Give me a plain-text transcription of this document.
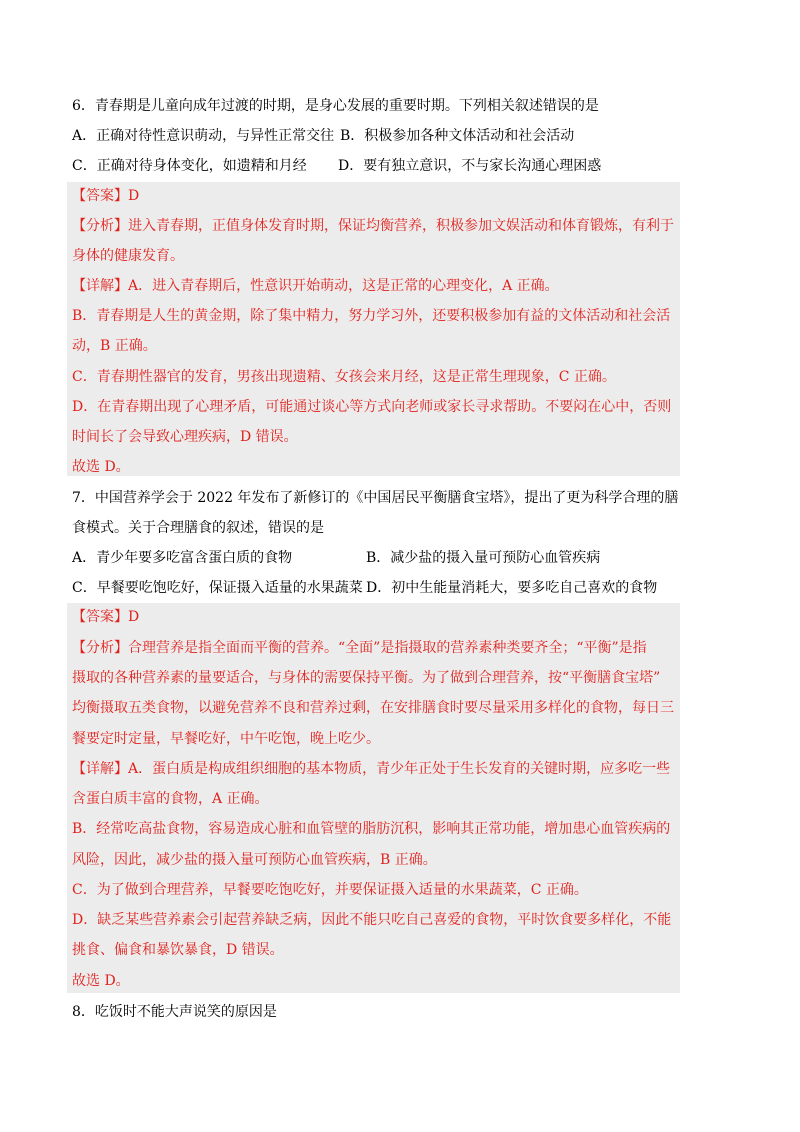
6．青春期是儿童向成年过渡的时期，是身心发展的重要时期。下列相关叙述错误的是
A．正确对待性意识萌动，与异性正常交往 B．积极参加各种文体活动和社会活动
C．正确对待身体变化，如遗精和月经 D．要有独立意识，不与家长沟通心理困惑
【答案】D
【分析】进入青春期，正值身体发育时期，保证均衡营养，积极参加文娱活动和体育锻炼，有利于
身体的健康发育。
【详解】A．进入青春期后，性意识开始萌动，这是正常的心理变化，A 正确。
B．青春期是人生的黄金期，除了集中精力，努力学习外，还要积极参加有益的文体活动和社会活
动，B 正确。
C．青春期性器官的发育，男孩出现遗精、女孩会来月经，这是正常生理现象，C 正确。
D．在青春期出现了心理矛盾，可能通过谈心等方式向老师或家长寻求帮助。不要闷在心中，否则
时间长了会导致心理疾病，D 错误。
故选 D。
7．中国营养学会于 2022 年发布了新修订的《中国居民平衡膳食宝塔》，提出了更为科学合理的膳
食模式。关于合理膳食的叙述，错误的是
A．青少年要多吃富含蛋白质的食物	B．减少盐的摄入量可预防心血管疾病
C．早餐要吃饱吃好，保证摄入适量的水果蔬菜 D．初中生能量消耗大，要多吃自己喜欢的食物
【答案】D
【分析】合理营养是指全面而平衡的营养。“全面”是指摄取的营养素种类要齐全；“平衡”是指
摄取的各种营养素的量要适合，与身体的需要保持平衡。为了做到合理营养，按“平衡膳食宝塔”
均衡摄取五类食物，以避免营养不良和营养过剩，在安排膳食时要尽量采用多样化的食物，每日三
餐要定时定量，早餐吃好，中午吃饱，晚上吃少。
【详解】A．蛋白质是构成组织细胞的基本物质，青少年正处于生长发育的关键时期，应多吃一些
含蛋白质丰富的食物，A 正确。
B．经常吃高盐食物，容易造成心脏和血管壁的脂肪沉积，影响其正常功能，增加患心血管疾病的
风险，因此，减少盐的摄入量可预防心血管疾病，B 正确。
C．为了做到合理营养，早餐要吃饱吃好，并要保证摄入适量的水果蔬菜，C 正确。
D．缺乏某些营养素会引起营养缺乏病，因此不能只吃自己喜爱的食物，平时饮食要多样化，不能
挑食、偏食和暴饮暴食，D 错误。
故选 D。
8．吃饭时不能大声说笑的原因是
